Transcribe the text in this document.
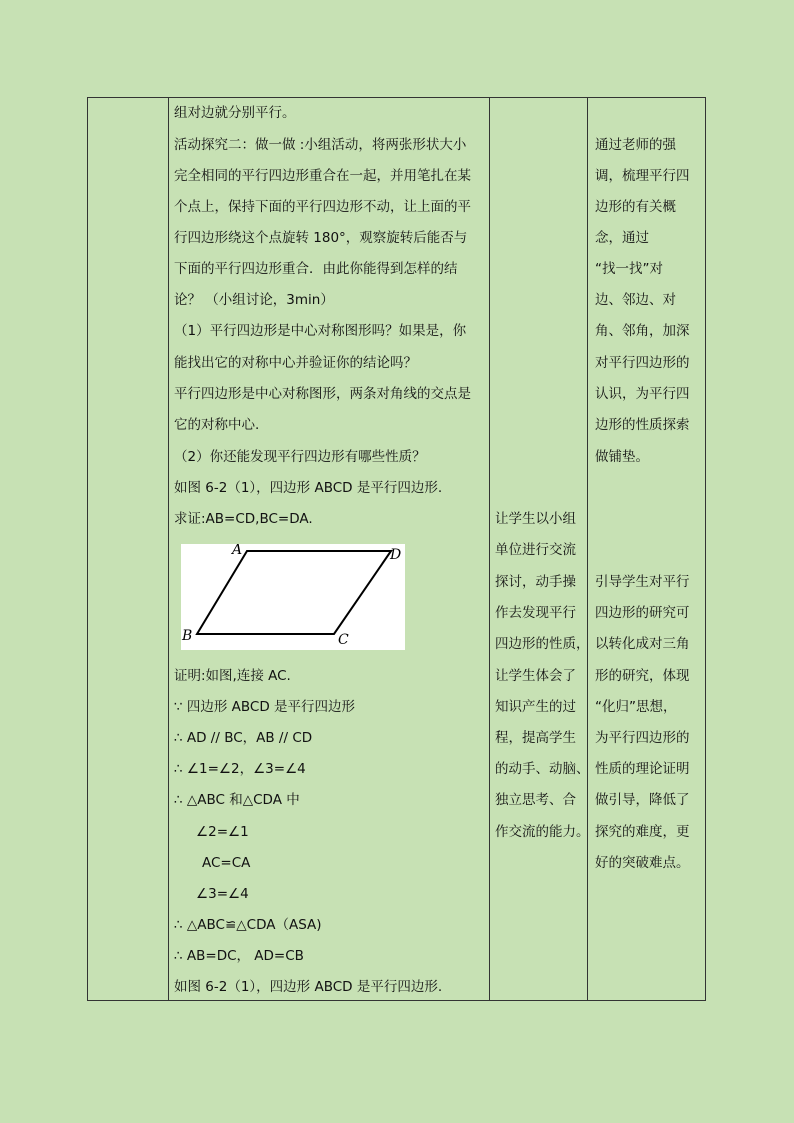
组对边就分别平行。
活动探究二：做一做 :小组活动，将两张形状大小
完全相同的平行四边形重合在一起，并用笔扎在某
个点上，保持下面的平行四边形不动，让上面的平
行四边形绕这个点旋转 180°，观察旋转后能否与
下面的平行四边形重合．由此你能得到怎样的结
论？ （小组讨论，3min）
（1）平行四边形是中心对称图形吗？如果是，你
能找出它的对称中心并验证你的结论吗？
平行四边形是中心对称图形，两条对角线的交点是
它的对称中心.
（2）你还能发现平行四边形有哪些性质？
如图 6-2（1），四边形 ABCD 是平行四边形.
求证:AB=CD,BC=DA.
A	D
B	C
证明:如图,连接 AC.
∵ 四边形 ABCD 是平行四边形
∴ AD // BC，AB // CD
∴ ∠1=∠2，∠3=∠4
∴ △ABC 和△CDA 中
∠2=∠1
AC=CA
∠3=∠4
∴ △ABC≌△CDA（ASA)
∴ AB=DC， AD=CB
如图 6-2（1），四边形 ABCD 是平行四边形.
让学生以小组
单位进行交流
探讨，动手操
作去发现平行
四边形的性质，
让学生体会了
知识产生的过
程，提高学生
的动手、动脑、
独立思考、合
作交流的能力。
通过老师的强
调，梳理平行四
边形的有关概
念，通过
“找一找”对
边、邻边、对
角、邻角，加深
对平行四边形的
认识，为平行四
边形的性质探索
做铺垫。
引导学生对平行
四边形的研究可
以转化成对三角
形的研究，体现
“化归”思想，
为平行四边形的
性质的理论证明
做引导，降低了
探究的难度，更
好的突破难点。
